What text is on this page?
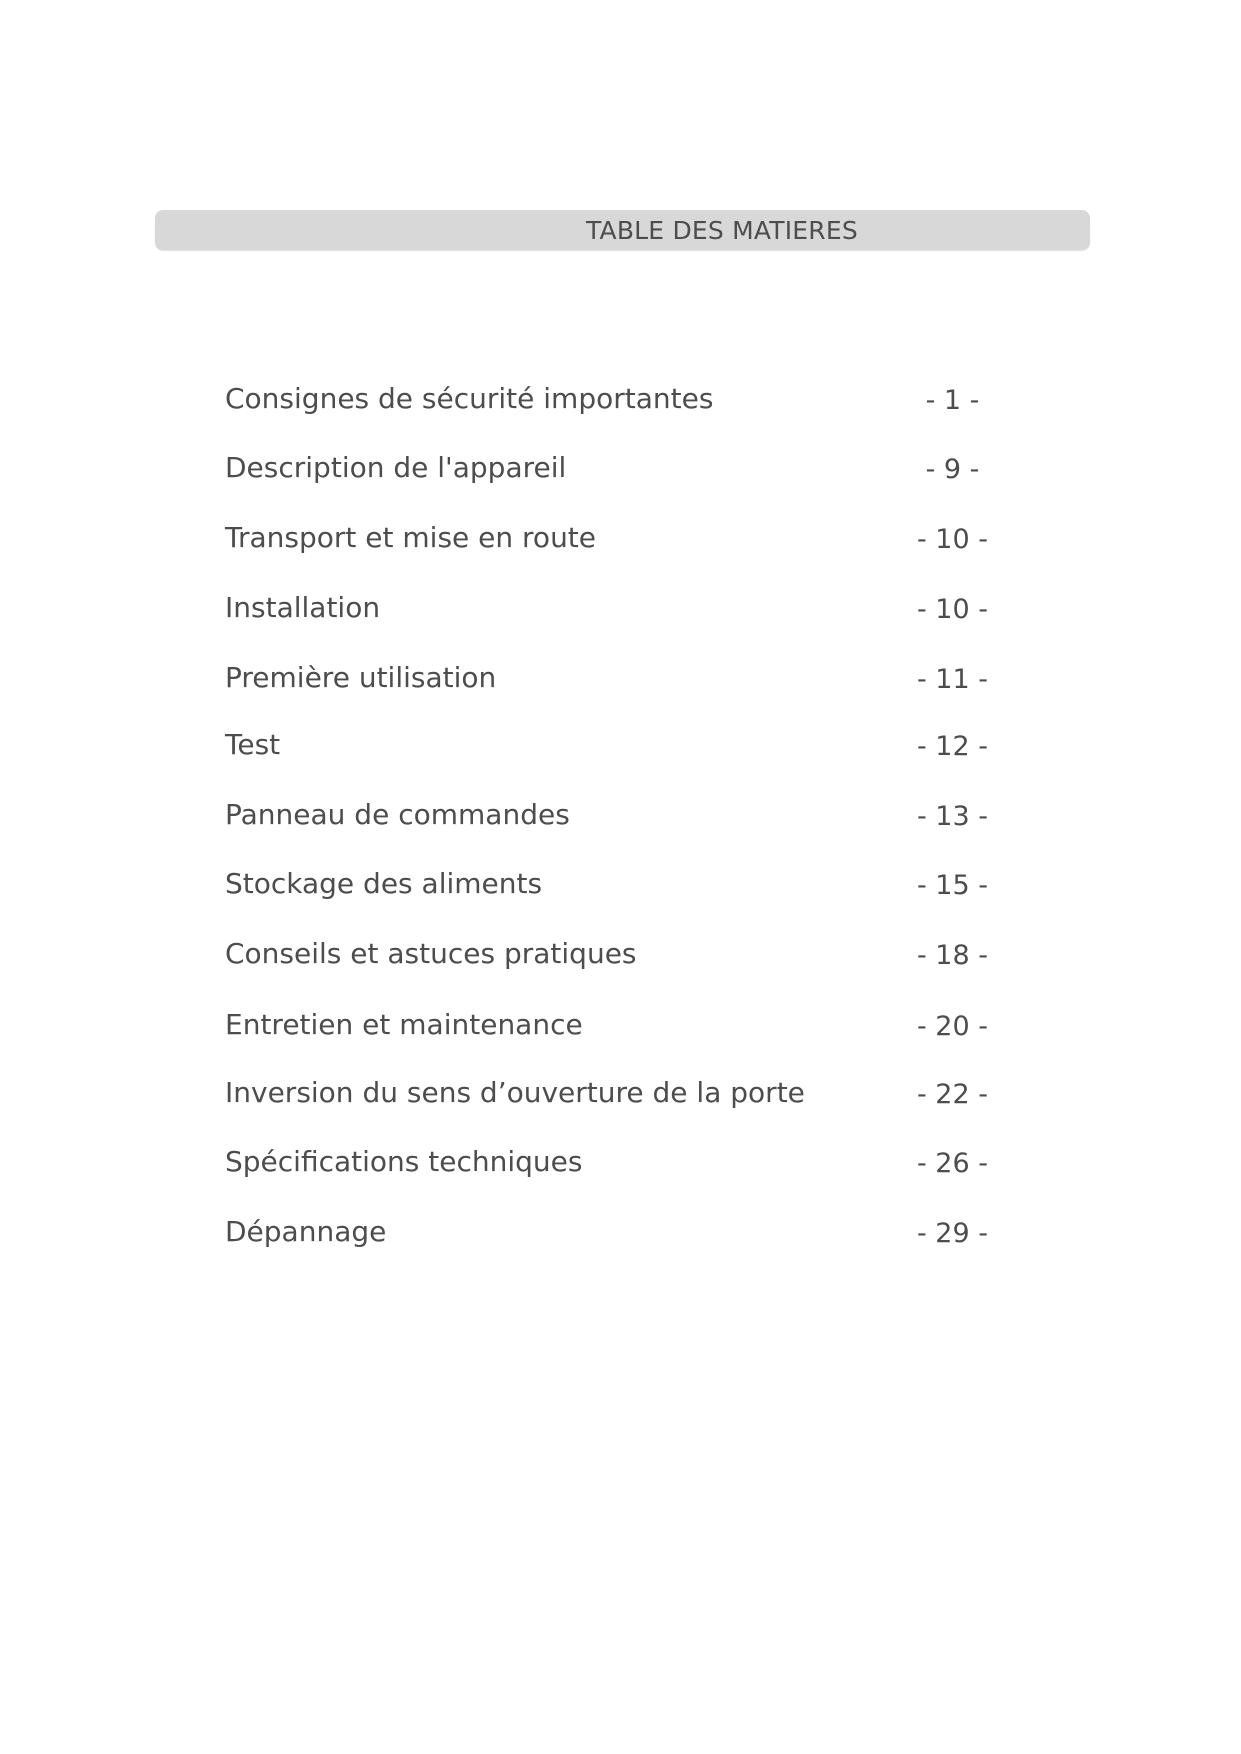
TABLE DES MATIERES
Consignes de sécurité importantes	- 1 -
Description de l'appareil	- 9 -
Transport et mise en route	- 10 -
Installation	- 10 -
Première utilisation	- 11 -
Test	- 12 -
Panneau de commandes	- 13 -
Stockage des aliments	- 15 -
Conseils et astuces pratiques	- 18 -
Entretien et maintenance	- 20 -
Inversion du sens d’ouverture de la porte	- 22 -
Spécifications techniques	- 26 -
Dépannage	- 29 -
